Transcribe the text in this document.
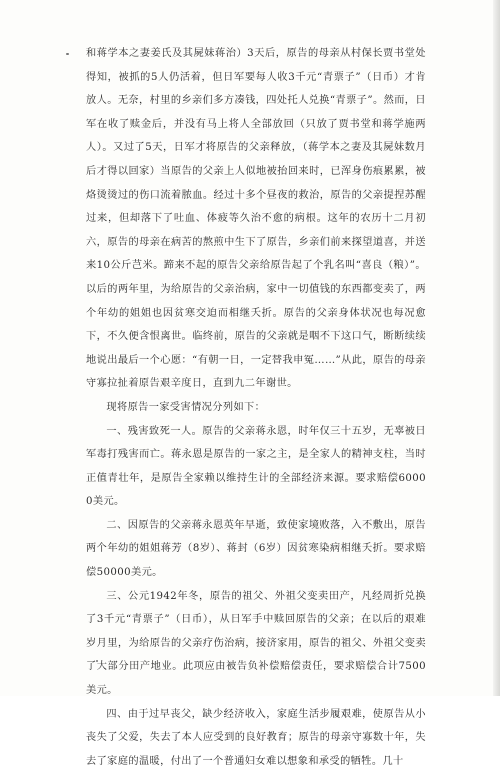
和蒋学本之妻姜氏及其屍妹蒋治）3天后，原告的母亲从村保长贾书堂处得知，被抓的5人仍活着，但日军要每人收3千元“青票子”（日币）才肯放人。无奈，村里的乡亲们多方凑钱，四处托人兑换“青票子”。然而，日军在收了赎金后，并没有马上将人全部放回（只放了贾书堂和蒋学施两人）。又过了5天，日军才将原告的父亲释放，（蒋学本之妻及其屍妹数月后才得以回家）当原告的父亲上人似地被抬回来时，已浑身伤痕累累，被烙烫烫过的伤口流着脓血。经过十多个昼夜的救治，原告的父亲提捏苏醒过来，但却落下了吐血、体疲等久治不愈的病根。这年的农历十二月初六，原告的母亲在病苦的熬煎中生下了原告，乡亲们前来探望道喜，并送来10公斤芑米。蹄来不起的原告父亲给原告起了个乳名叫“喜良（粮）”。以后的两年里，为给原告的父亲治病，家中一切值钱的东西都变卖了，两个年幼的姐姐也因贫寒交迫而相继夭折。原告的父亲身体状况也每况愈下，不久便含恨离世。临终前，原告的父亲就是咽不下这口气，断断续续地说出最后一个心愿：“有朝一日，一定替我申冤……”从此，原告的母亲守寡拉扯着原告艰辛度日，直到九二年谢世。

现将原告一家受害情况分列如下：

一、残害致死一人。原告的父亲蒋永恩，时年仅三十五岁，无辜被日军毒打残害而亡。蒋永恩是原告的一家之主，是全家人的精神支柱，当时正值青壮年，是原告全家赖以维持生计的全部经济来源。要求赔偿60000美元。

二、因原告的父亲蒋永恩英年早逝，致使家境败落，入不敷出，原告两个年幼的姐姐蒋芳（8岁）、蒋封（6岁）因贫寒染病相继夭折。要求赔偿50000美元。

三、公元1942年冬，原告的祖父、外祖父变卖田产，凡经周折兑换了3千元“青票子”（日币），从日军手中赎回原告的父亲；在以后的艰难岁月里，为给原告的父亲疗伤治病，接济家用，原告的祖父、外祖父变卖了大部分田产地业。此项应由被告负补偿赔偿责任，要求赔偿合计7500美元。

四、由于过早丧父，缺少经济收入，家庭生活步履艰难，使原告从小丧失了父爱，失去了本人应受到的良好教育；原告的母亲守寡数十年，失去了家庭的温暖，付出了一个普通妇女难以想象和承受的牺牲。几十
